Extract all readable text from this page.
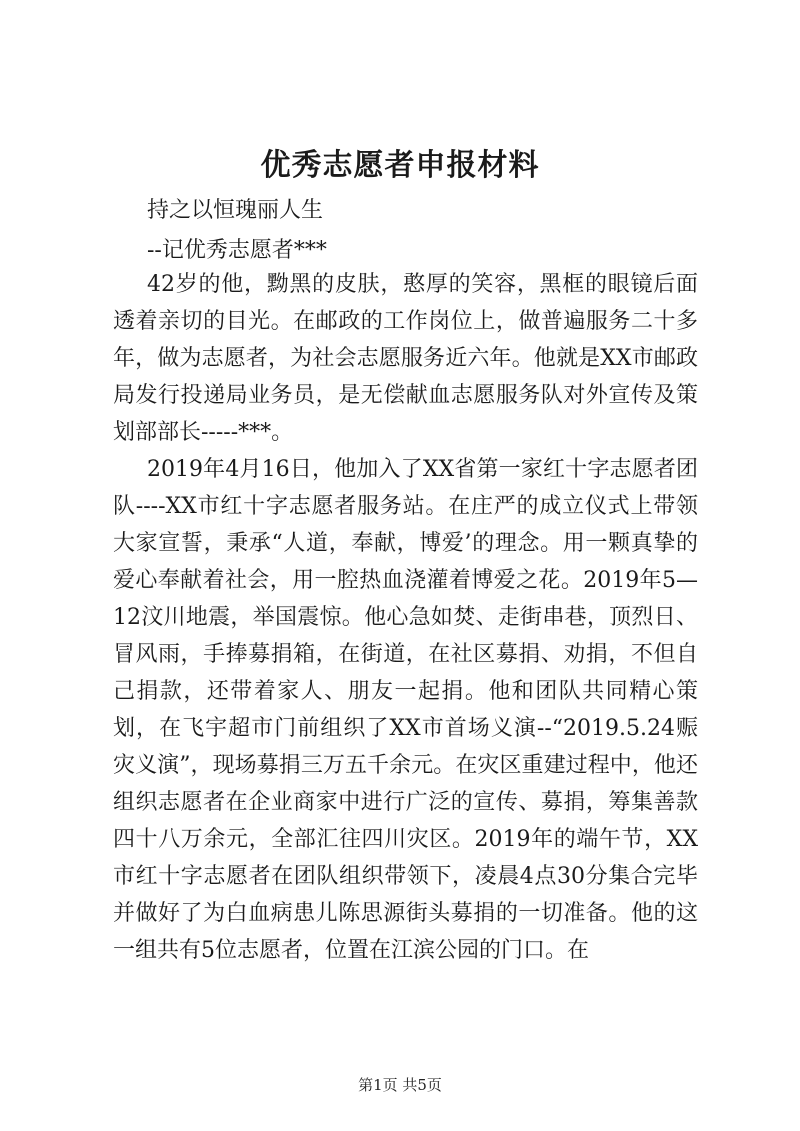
优秀志愿者申报材料
持之以恒瑰丽人生
--记优秀志愿者***

42岁的他，黝黑的皮肤，憨厚的笑容，黑框的眼镜后面透着亲切的目光。在邮政的工作岗位上，做普遍服务二十多年，做为志愿者，为社会志愿服务近六年。他就是XX市邮政局发行投递局业务员，是无偿献血志愿服务队对外宣传及策划部部长-----***。

2019年4月16日，他加入了XX省第一家红十字志愿者团队----XX市红十字志愿者服务站。在庄严的成立仪式上带领大家宣誓，秉承“人道，奉献，博爱’的理念。用一颗真挚的爱心奉献着社会，用一腔热血浇灌着博爱之花。2019年5—12汶川地震，举国震惊。他心急如焚、走街串巷，顶烈日、冒风雨，手捧募捐箱，在街道，在社区募捐、劝捐，不但自己捐款，还带着家人、朋友一起捐。他和团队共同精心策划，在飞宇超市门前组织了XX市首场义演--“2019.5.24赈灾义演”，现场募捐三万五千余元。在灾区重建过程中，他还组织志愿者在企业商家中进行广泛的宣传、募捐，筹集善款四十八万余元，全部汇往四川灾区。2019年的端午节，XX市红十字志愿者在团队组织带领下，凌晨4点30分集合完毕并做好了为白血病患儿陈思源街头募捐的一切准备。他的这一组共有5位志愿者，位置在江滨公园的门口。在

第1页 共5页
